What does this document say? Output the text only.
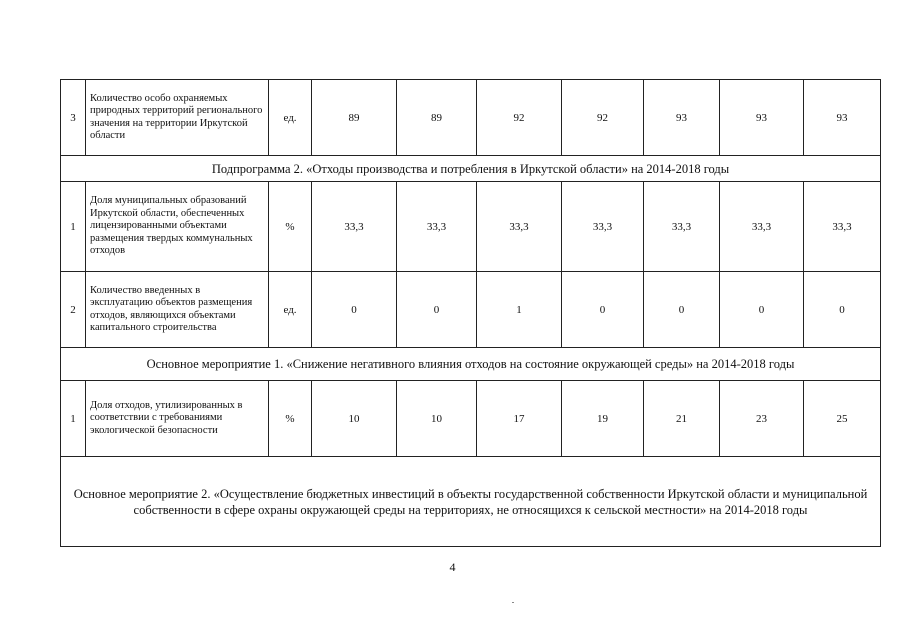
3	Количество особо охраняемых природных территорий регионального значения на территории Иркутской области	ед.	89	89	92	92	93	93	93
Подпрограмма 2. «Отходы производства и потребления в Иркутской области» на 2014-2018 годы									
1	Доля муниципальных образований Иркутской области, обеспеченных лицензированными объектами размещения твердых коммунальных отходов	%	33,3	33,3	33,3	33,3	33,3	33,3	33,3
2	Количество введенных в эксплуатацию объектов размещения отходов, являющихся объектами капитального строительства	ед.	0	0	1	0	0	0	0
Основное мероприятие 1. «Снижение негативного влияния отходов на состояние окружающей среды» на 2014-2018 годы									
1	Доля отходов, утилизированных в соответствии с требованиями экологической безопасности	%	10	10	17	19	21	23	25
Основное мероприятие 2. «Осуществление бюджетных инвестиций в объекты государственной собственности Иркутской области и муниципальной собственности в сфере охраны окружающей среды на территориях, не относящихся к сельской местности» на 2014-2018 годы									
4
